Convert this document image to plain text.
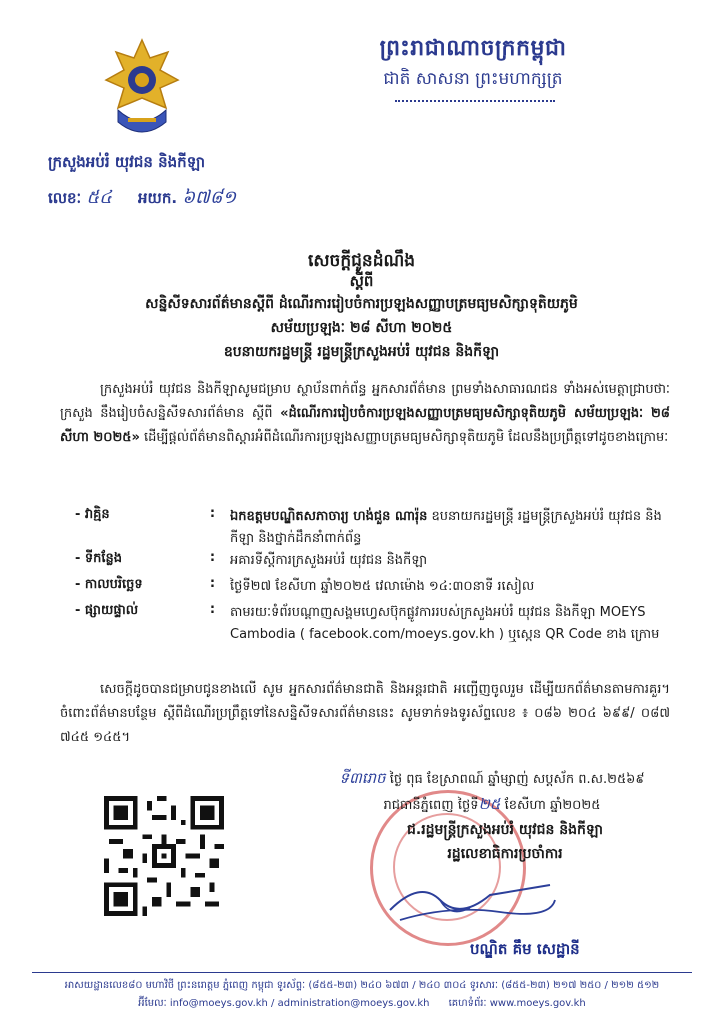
ព្រះរាជាណាចក្រកម្ពុជា
ជាតិ សាសនា ព្រះមហាក្សត្រ
ក្រសួងអប់រំ យុវជន និងកីឡា
លេខៈ ៥៤ អយក. ៦៧៨១
សេចក្តីជូនដំណឹង
ស្តីពី
សន្និសីទសារព័ត៌មានស្តីពី ដំណើរការរៀបចំការប្រឡងសញ្ញាបត្រមធ្យមសិក្សាទុតិយភូមិ
សម័យប្រឡងៈ ២៨ សីហា ២០២៥
ឧបនាយករដ្ឋមន្ត្រី រដ្ឋមន្ត្រីក្រសួងអប់រំ យុវជន និងកីឡា
ក្រសួងអប់រំ យុវជន និងកីឡាសូមជម្រាប ស្ថាប័នពាក់ព័ន្ធ អ្នកសារព័ត៌មាន ព្រមទាំងសាធារណជន ទាំងអស់មេត្តាជ្រាបថាៈ ក្រសួង នឹងរៀបចំសន្និសីទសារព័ត៌មាន ស្តីពី «ដំណើរការរៀបចំការប្រឡងសញ្ញាបត្រមធ្យមសិក្សាទុតិយភូមិ សម័យប្រឡងៈ ២៨ សីហា ២០២៥» ដើម្បីផ្តល់ព័ត៌មានពិស្តារអំពីដំណើរការប្រឡងសញ្ញាបត្រមធ្យមសិក្សាទុតិយភូមិ ដែលនឹងប្រព្រឹត្តទៅដូចខាងក្រោមៈ
- វាគ្មិន	:	ឯកឧត្តមបណ្ឌិតសភាចារ្យ ហង់ជួន ណារ៉ុន ឧបនាយករដ្ឋមន្ត្រី រដ្ឋមន្ត្រីក្រសួងអប់រំ យុវជន និងកីឡា និងថ្នាក់ដឹកនាំពាក់ព័ន្ធ
- ទីកន្លែង	:	អគារទីស្តីការក្រសួងអប់រំ យុវជន និងកីឡា
- កាលបរិច្ឆេទ	:	ថ្ងៃទី២៧ ខែសីហា ឆ្នាំ២០២៥ វេលាម៉ោង ១៤:៣០នាទី រសៀល
- ផ្សាយផ្ទាល់	:	តាមរយៈទំព័របណ្តាញសង្គមហ្វេសប៊ុកផ្លូវការរបស់ក្រសួងអប់រំ យុវជន និងកីឡា MOEYS Cambodia ( facebook.com/moeys.gov.kh ) ឬស្កេន QR Code ខាង ក្រោម
សេចក្តីដូចបានជម្រាបជូនខាងលើ សូម អ្នកសារព័ត៌មានជាតិ និងអន្តរជាតិ អញ្ជើញចូលរួម ដើម្បីយកព័ត៌មានតាមការគួរ។ ចំពោះព័ត៌មានបន្ថែម ស្តីពីដំណើរប្រព្រឹត្តទៅនៃសន្និសីទសារព័ត៌មាននេះ សូមទាក់ទងទូរស័ព្ទលេខ ៖ ០៨៦ ២០៤ ៦៩៩/ ០៨៧ ៧៤៥ ១៤៥។
ទី៣រោច ថ្ងៃ ពុធ ខែស្រាពណ៍ ឆ្នាំម្សាញ់ សប្តស័ក ព.ស.២៥៦៩
រាជធានីភ្នំពេញ ថ្ងៃទី២៥ ខែសីហា ឆ្នាំ២០២៥
ជ.រដ្ឋមន្ត្រីក្រសួងអប់រំ យុវជន និងកីឡា
រដ្ឋលេខាធិការប្រចាំការ
បណ្ឌិត គឹម សេដ្ឋានី
អាសយដ្ឋានលេខ៨០ មហាវិថី ព្រះនរោត្តម ភ្នំពេញ កម្ពុជា ទូរស័ព្ទៈ (៨៥៥-២៣) ២៤០ ៦៧៣ / ២៤០ ៣០៤ ទូរសារៈ (៨៥៥-២៣) ២១៧ ២៥០ / ២១២ ៥១២
អ៊ីមែលៈ info@moeys.gov.kh / administration@moeys.gov.kh គេហទំព័រៈ www.moeys.gov.kh
